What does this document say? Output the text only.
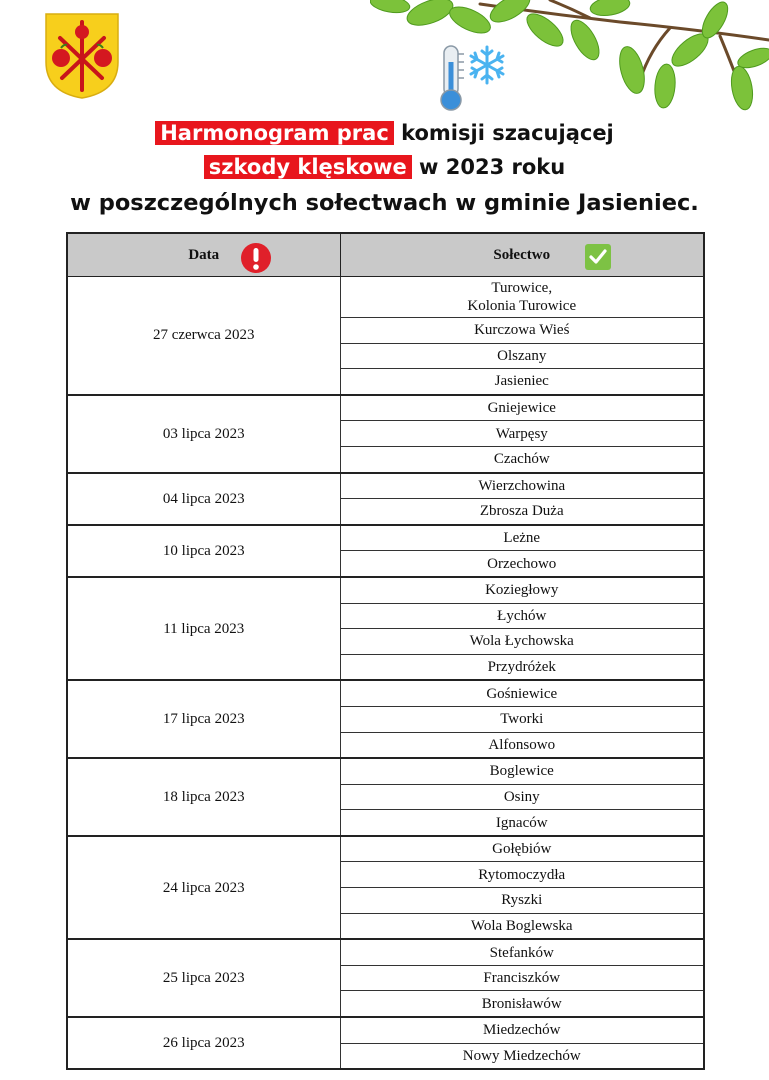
Harmonogram prac komisji szacującej
szkody klęskowe w 2023 roku
w poszczególnych sołectwach w gminie Jasieniec.
Data	Sołectwo

27 czerwca 2023	Turowice,
Kolonia Turowice
	Kurczowa Wieś
	Olszany
	Jasieniec
03 lipca 2023	Gniejewice
	Warpęsy
	Czachów
04 lipca 2023	Wierzchowina
	Zbrosza Duża
10 lipca 2023	Leżne
	Orzechowo
11 lipca 2023	Koziegłowy
	Łychów
	Wola Łychowska
	Przydróżek
17 lipca 2023	Gośniewice
	Tworki
	Alfonsowo
18 lipca 2023	Boglewice
	Osiny
	Ignaców
24 lipca 2023	Gołębiów
	Rytomoczydła
	Ryszki
	Wola Boglewska
25 lipca 2023	Stefanków
	Franciszków
	Bronisławów
26 lipca 2023	Miedzechów
	Nowy Miedzechów
